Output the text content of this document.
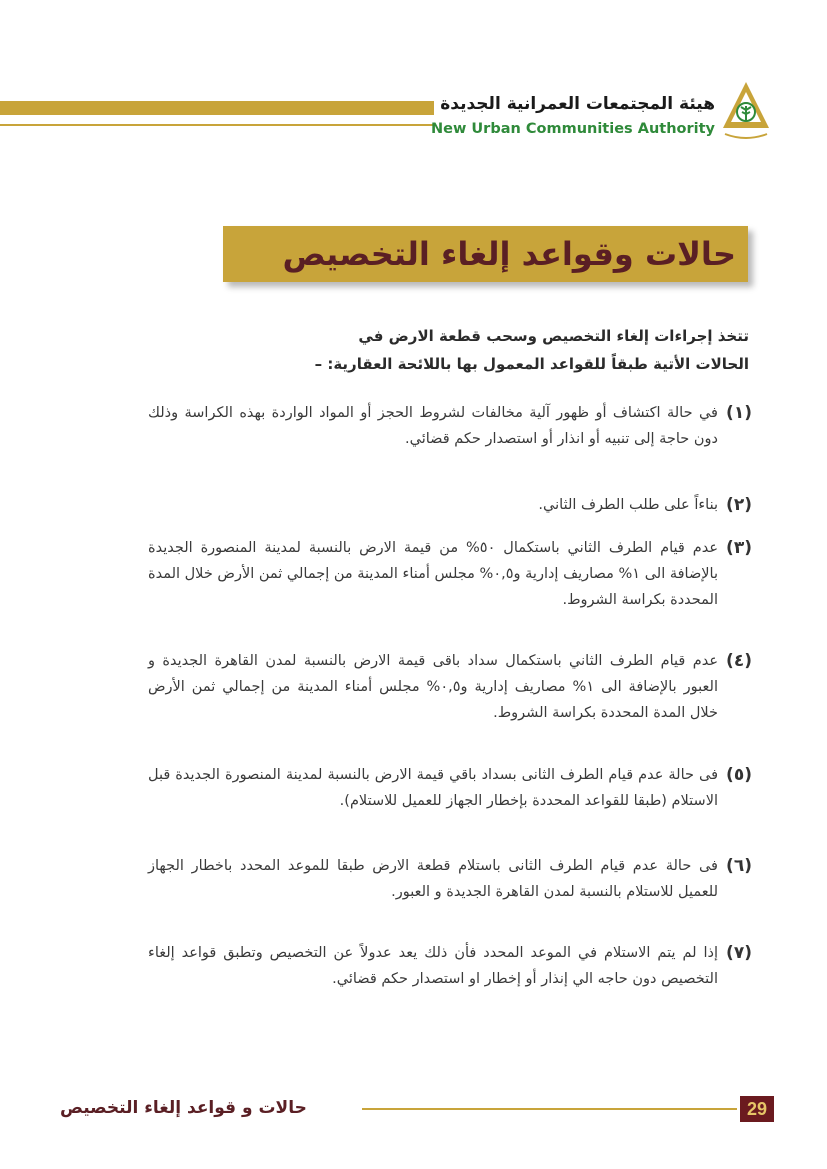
هيئة المجتمعات العمرانية الجديدة
New Urban Communities Authority
حالات وقواعد إلغاء التخصيص
تتخذ إجراءات إلغاء التخصيص وسحب قطعة الارض في
الحالات الأتية طبقاً للقواعد المعمول بها باللائحة العقارية: –
(١)
في حالة اكتشاف أو ظهور آلية مخالفات لشروط الحجز أو المواد الواردة بهذه الكراسة وذلك دون حاجة إلى تنبيه أو انذار أو استصدار حكم قضائي.
(٢)
بناءاً على طلب الطرف الثاني.
(٣)
عدم قيام الطرف الثاني باستكمال ٥٠% من قيمة الارض بالنسبة لمدينة المنصورة الجديدة بالإضافة الى ١% مصاريف إدارية و٠,٥% مجلس أمناء المدينة من إجمالي ثمن الأرض خلال المدة المحددة بكراسة الشروط.
(٤)
عدم قيام الطرف الثاني باستكمال سداد باقى قيمة الارض بالنسبة لمدن القاهرة الجديدة و العبور بالإضافة الى ١% مصاريف إدارية و٠,٥% مجلس أمناء المدينة من إجمالي ثمن الأرض خلال المدة المحددة بكراسة الشروط.
(٥)
فى حالة عدم قيام الطرف الثانى بسداد باقي قيمة الارض بالنسبة لمدينة المنصورة الجديدة قبل الاستلام (طبقا للقواعد المحددة بإخطار الجهاز للعميل للاستلام).
(٦)
فى حالة عدم قيام الطرف الثانى باستلام قطعة الارض طبقا للموعد المحدد باخطار الجهاز للعميل للاستلام بالنسبة لمدن القاهرة الجديدة و العبور.
(٧)
إذا لم يتم الاستلام في الموعد المحدد فأن ذلك يعد عدولاً عن التخصيص وتطبق قواعد إلغاء التخصيص دون حاجه الي إنذار أو إخطار او استصدار حكم قضائي.
حالات و قواعد إلغاء التخصيص	29
